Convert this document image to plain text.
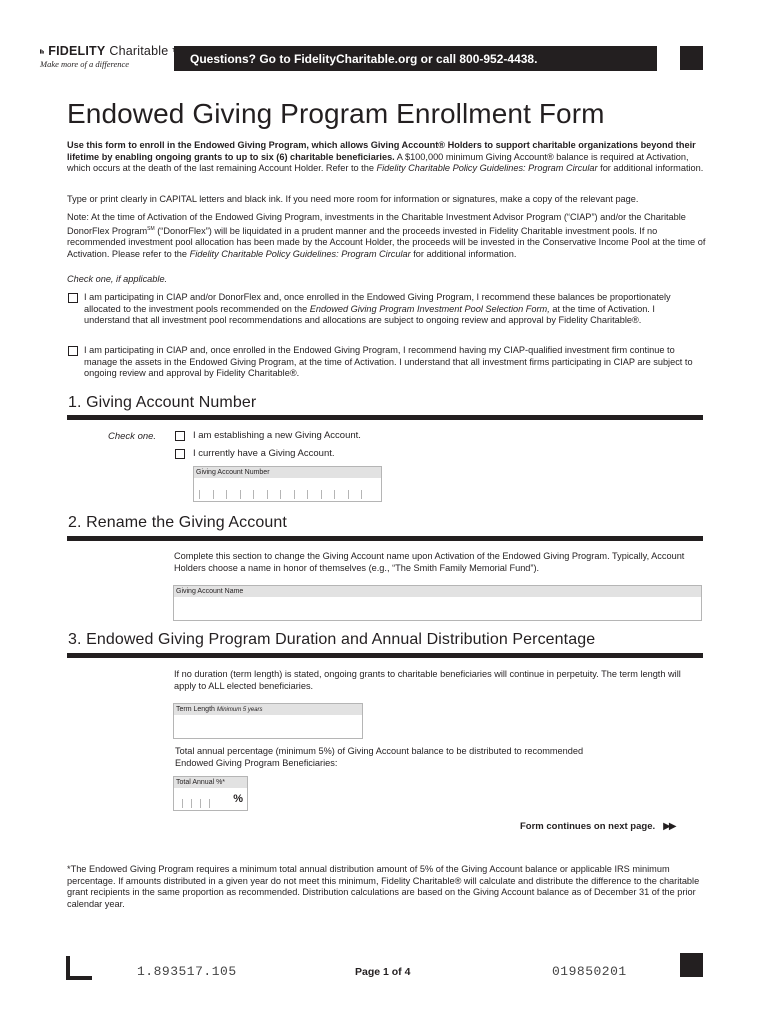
FIDELITY Charitable
Make more of a difference	Questions? Go to FidelityCharitable.org or call 800-952-4438.
Endowed Giving Program Enrollment Form
Use this form to enroll in the Endowed Giving Program, which allows Giving Account® Holders to support charitable organizations beyond their lifetime by enabling ongoing grants to up to six (6) charitable beneficiaries. A $100,000 minimum Giving Account® balance is required at Activation, which occurs at the death of the last remaining Account Holder. Refer to the Fidelity Charitable Policy Guidelines: Program Circular for additional information.
Type or print clearly in CAPITAL letters and black ink. If you need more room for information or signatures, make a copy of the relevant page.
Note: At the time of Activation of the Endowed Giving Program, investments in the Charitable Investment Advisor Program (“CIAP”) and/or the Charitable DonorFlex Program℠ (“DonorFlex”) will be liquidated in a prudent manner and the proceeds invested in Fidelity Charitable investment pools. If no recommended investment pool allocation has been made by the Account Holder, the proceeds will be invested in the Conservative Income Pool at the time of Activation. Please refer to the Fidelity Charitable Policy Guidelines: Program Circular for additional information.
Check one, if applicable.
I am participating in CIAP and/or DonorFlex and, once enrolled in the Endowed Giving Program, I recommend these balances be proportionately allocated to the investment pools recommended on the Endowed Giving Program Investment Pool Selection Form, at the time of Activation. I understand that all investment pool recommendations and allocations are subject to ongoing review and approval by Fidelity Charitable®.
I am participating in CIAP and, once enrolled in the Endowed Giving Program, I recommend having my CIAP-qualified investment firm continue to manage the assets in the Endowed Giving Program, at the time of Activation. I understand that all investment firms participating in CIAP are subject to ongoing review and approval by Fidelity Charitable®.
1. Giving Account Number
Check one.	I am establishing a new Giving Account.
I currently have a Giving Account.
Giving Account Number
2. Rename the Giving Account
Complete this section to change the Giving Account name upon Activation of the Endowed Giving Program. Typically, Account Holders choose a name in honor of themselves (e.g., “The Smith Family Memorial Fund”).
Giving Account Name
3. Endowed Giving Program Duration and Annual Distribution Percentage
If no duration (term length) is stated, ongoing grants to charitable beneficiaries will continue in perpetuity. The term length will apply to ALL elected beneficiaries.
Term Length Minimum 5 years
Total annual percentage (minimum 5%) of Giving Account balance to be distributed to recommended Endowed Giving Program Beneficiaries:
Total Annual %*
%
Form continues on next page. ▶▶
*The Endowed Giving Program requires a minimum total annual distribution amount of 5% of the Giving Account balance or applicable IRS minimum percentage. If amounts distributed in a given year do not meet this minimum, Fidelity Charitable® will calculate and distribute the difference to the charitable grant recipients in the same proportion as recommended. Distribution calculations are based on the Giving Account balance as of December 31 of the prior calendar year.
1.893517.105	Page 1 of 4	019850201
